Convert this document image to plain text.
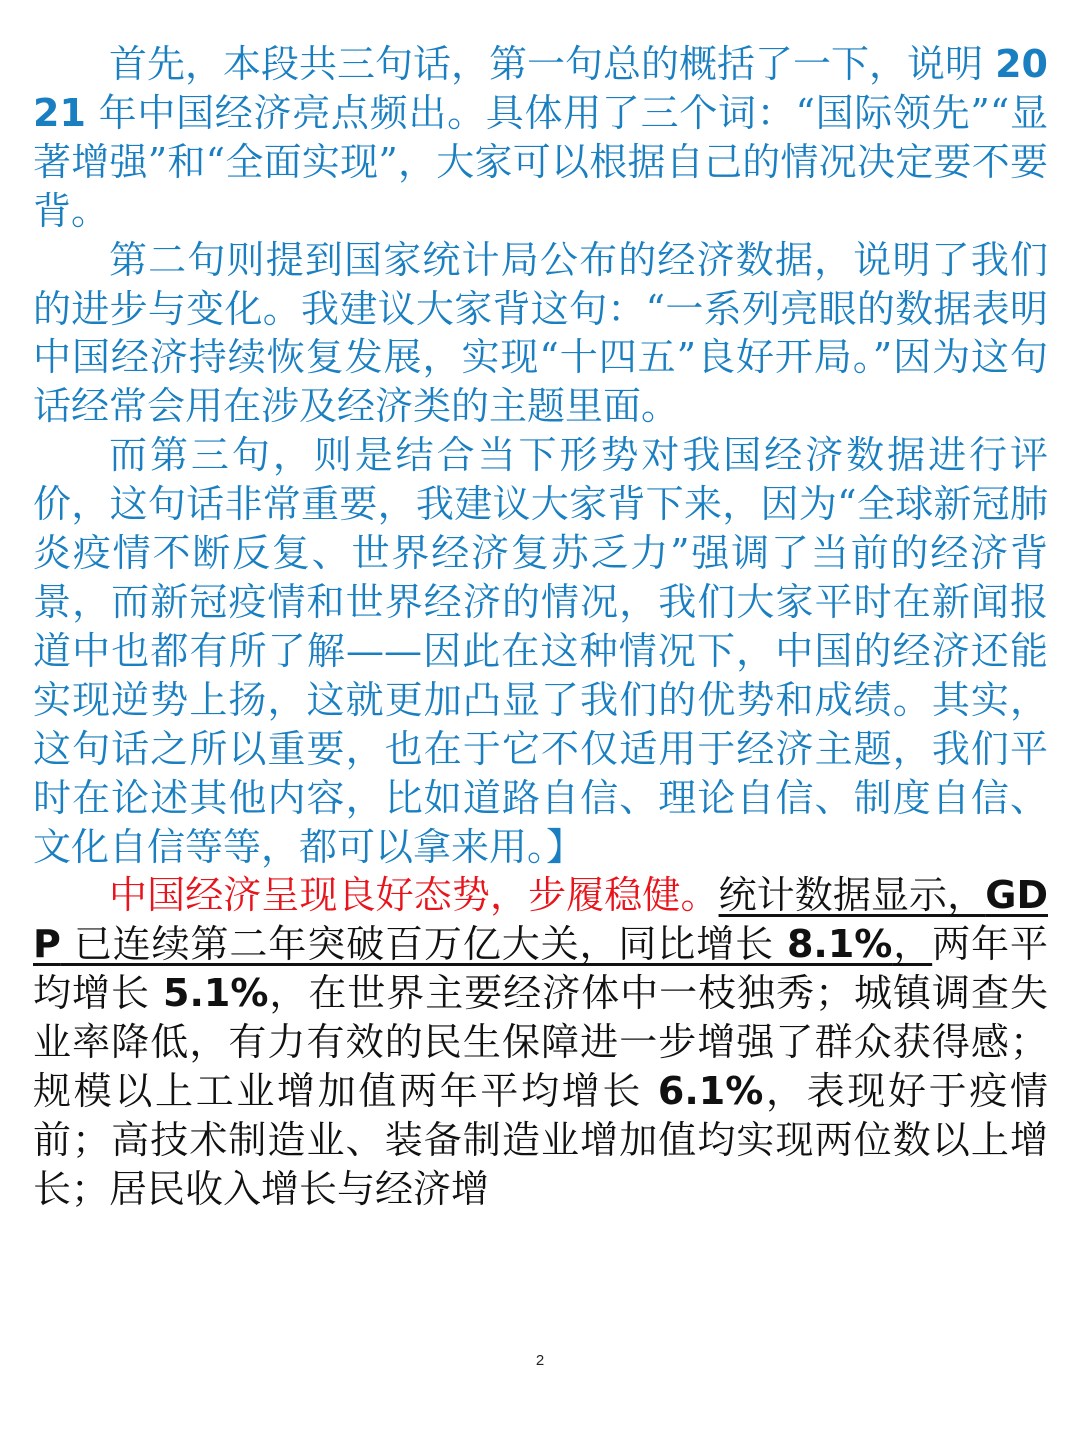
首先，本段共三句话，第一句总的概括了一下，说明 2021 年中国经济亮点频出。具体用了三个词：“国际领先”“显著增强”和“全面实现”，大家可以根据自己的情况决定要不要背。

第二句则提到国家统计局公布的经济数据，说明了我们的进步与变化。我建议大家背这句：“一系列亮眼的数据表明中国经济持续恢复发展，实现“十四五”良好开局。”因为这句话经常会用在涉及经济类的主题里面。

而第三句，则是结合当下形势对我国经济数据进行评价，这句话非常重要，我建议大家背下来，因为“全球新冠肺炎疫情不断反复、世界经济复苏乏力”强调了当前的经济背景，而新冠疫情和世界经济的情况，我们大家平时在新闻报道中也都有所了解——因此在这种情况下，中国的经济还能实现逆势上扬，这就更加凸显了我们的优势和成绩。其实，这句话之所以重要，也在于它不仅适用于经济主题，我们平时在论述其他内容，比如道路自信、理论自信、制度自信、文化自信等等，都可以拿来用。】

中国经济呈现良好态势，步履稳健。统计数据显示，GDP 已连续第二年突破百万亿大关，同比增长 8.1%，两年平均增长 5.1%，在世界主要经济体中一枝独秀；城镇调查失业率降低，有力有效的民生保障进一步增强了群众获得感；规模以上工业增加值两年平均增长 6.1%，表现好于疫情前；高技术制造业、装备制造业增加值均实现两位数以上增长；居民收入增长与经济增

2
